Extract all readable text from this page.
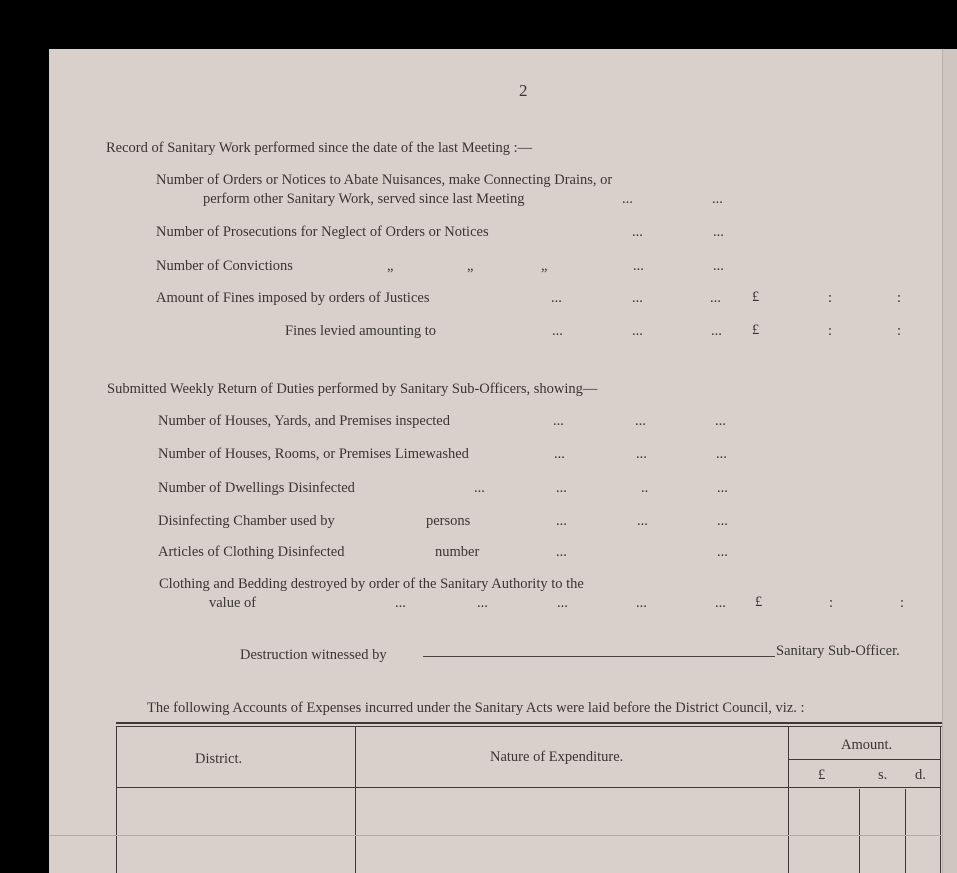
2
Record of Sanitary Work performed since the date of the last Meeting :—
Number of Orders or Notices to Abate Nuisances, make Connecting Drains, or
perform other Sanitary Work, served since last Meeting	...	...
Number of Prosecutions for Neglect of Orders or Notices	...	...
Number of Convictions	„	„	„	...	...
Amount of Fines imposed by orders of Justices	...	...	... £	:	:
Fines levied amounting to	...	...	... £	:	:
Submitted Weekly Return of Duties performed by Sanitary Sub-Officers, showing—
Number of Houses, Yards, and Premises inspected	...	...	...
Number of Houses, Rooms, or Premises Limewashed	...	...	...
Number of Dwellings Disinfected	...	...	..	...
Disinfecting Chamber used by	persons	...	...	...
Articles of Clothing Disinfected	number	...	...
Clothing and Bedding destroyed by order of the Sanitary Authority to the
value of	...	...	...	...	... £	:	:
Destruction witnessed by	Sanitary Sub-Officer.
The following Accounts of Expenses incurred under the Sanitary Acts were laid before the District Council, viz. :
District.	Nature of Expenditure.
Amount.
£	s. d.
